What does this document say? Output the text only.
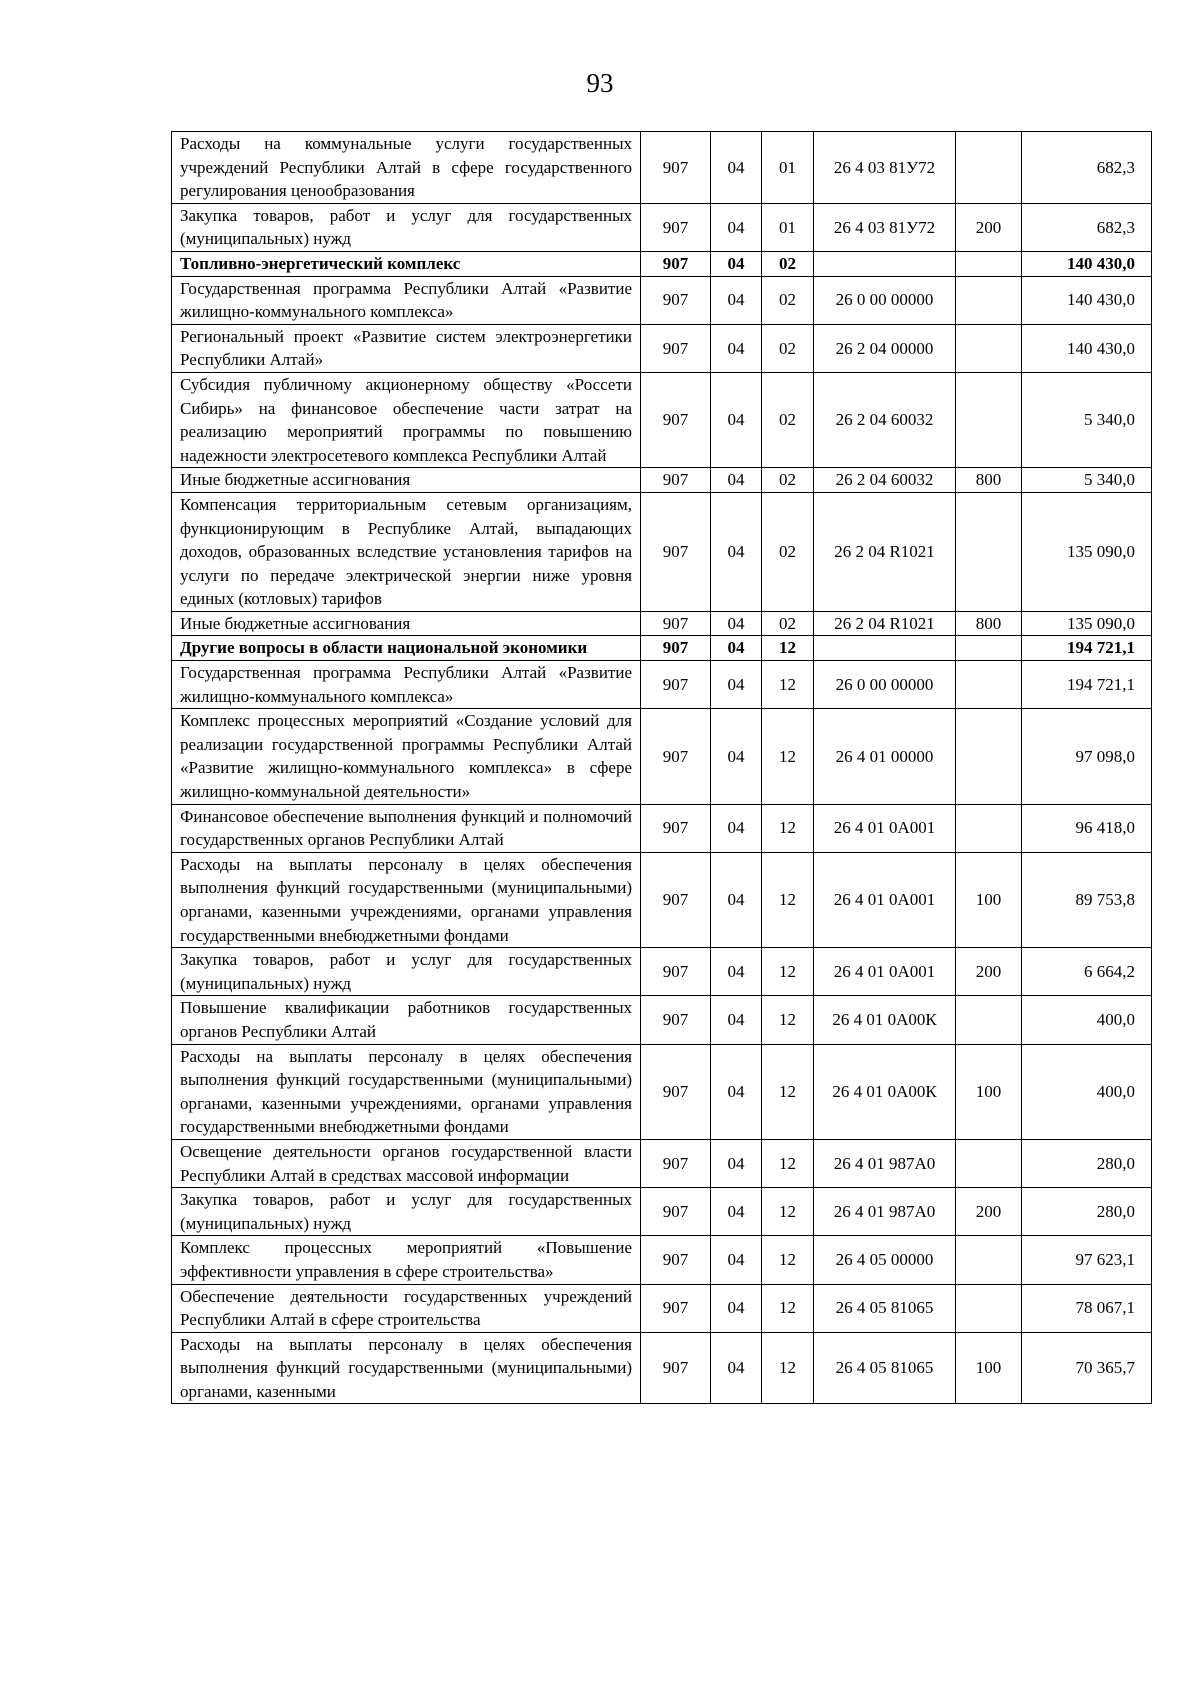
93
Расходы на коммунальные услуги государственных учреждений Республики Алтай в сфере государственного регулирования ценообразования	907	04	01	26 4 03 81У72		682,3
Закупка товаров, работ и услуг для государственных (муниципальных) нужд	907	04	01	26 4 03 81У72	200	682,3
Топливно-энергетический комплекс	907	04	02			140 430,0
Государственная программа Республики Алтай «Развитие жилищно-коммунального комплекса»	907	04	02	26 0 00 00000		140 430,0
Региональный проект «Развитие систем электроэнергетики Республики Алтай»	907	04	02	26 2 04 00000		140 430,0
Субсидия публичному акционерному обществу «Россети Сибирь» на финансовое обеспечение части затрат на реализацию мероприятий программы по повышению надежности электросетевого комплекса Республики Алтай	907	04	02	26 2 04 60032		5 340,0
Иные бюджетные ассигнования	907	04	02	26 2 04 60032	800	5 340,0
Компенсация территориальным сетевым организациям, функционирующим в Республике Алтай, выпадающих доходов, образованных вследствие установления тарифов на услуги по передаче электрической энергии ниже уровня единых (котловых) тарифов	907	04	02	26 2 04 R1021		135 090,0
Иные бюджетные ассигнования	907	04	02	26 2 04 R1021	800	135 090,0
Другие вопросы в области национальной экономики	907	04	12			194 721,1
Государственная программа Республики Алтай «Развитие жилищно-коммунального комплекса»	907	04	12	26 0 00 00000		194 721,1
Комплекс процессных мероприятий «Создание условий для реализации государственной программы Республики Алтай «Развитие жилищно-коммунального комплекса» в сфере жилищно-коммунальной деятельности»	907	04	12	26 4 01 00000		97 098,0
Финансовое обеспечение выполнения функций и полномочий государственных органов Республики Алтай	907	04	12	26 4 01 0А001		96 418,0
Расходы на выплаты персоналу в целях обеспечения выполнения функций государственными (муниципальными) органами, казенными учреждениями, органами управления государственными внебюджетными фондами	907	04	12	26 4 01 0А001	100	89 753,8
Закупка товаров, работ и услуг для государственных (муниципальных) нужд	907	04	12	26 4 01 0А001	200	6 664,2
Повышение квалификации работников государственных органов Республики Алтай	907	04	12	26 4 01 0А00К		400,0
Расходы на выплаты персоналу в целях обеспечения выполнения функций государственными (муниципальными) органами, казенными учреждениями, органами управления государственными внебюджетными фондами	907	04	12	26 4 01 0А00К	100	400,0
Освещение деятельности органов государственной власти Республики Алтай в средствах массовой информации	907	04	12	26 4 01 987А0		280,0
Закупка товаров, работ и услуг для государственных (муниципальных) нужд	907	04	12	26 4 01 987А0	200	280,0
Комплекс процессных мероприятий «Повышение эффективности управления в сфере строительства»	907	04	12	26 4 05 00000		97 623,1
Обеспечение деятельности государственных учреждений Республики Алтай в сфере строительства	907	04	12	26 4 05 81065		78 067,1
Расходы на выплаты персоналу в целях обеспечения выполнения функций государственными (муниципальными) органами, казенными	907	04	12	26 4 05 81065	100	70 365,7
